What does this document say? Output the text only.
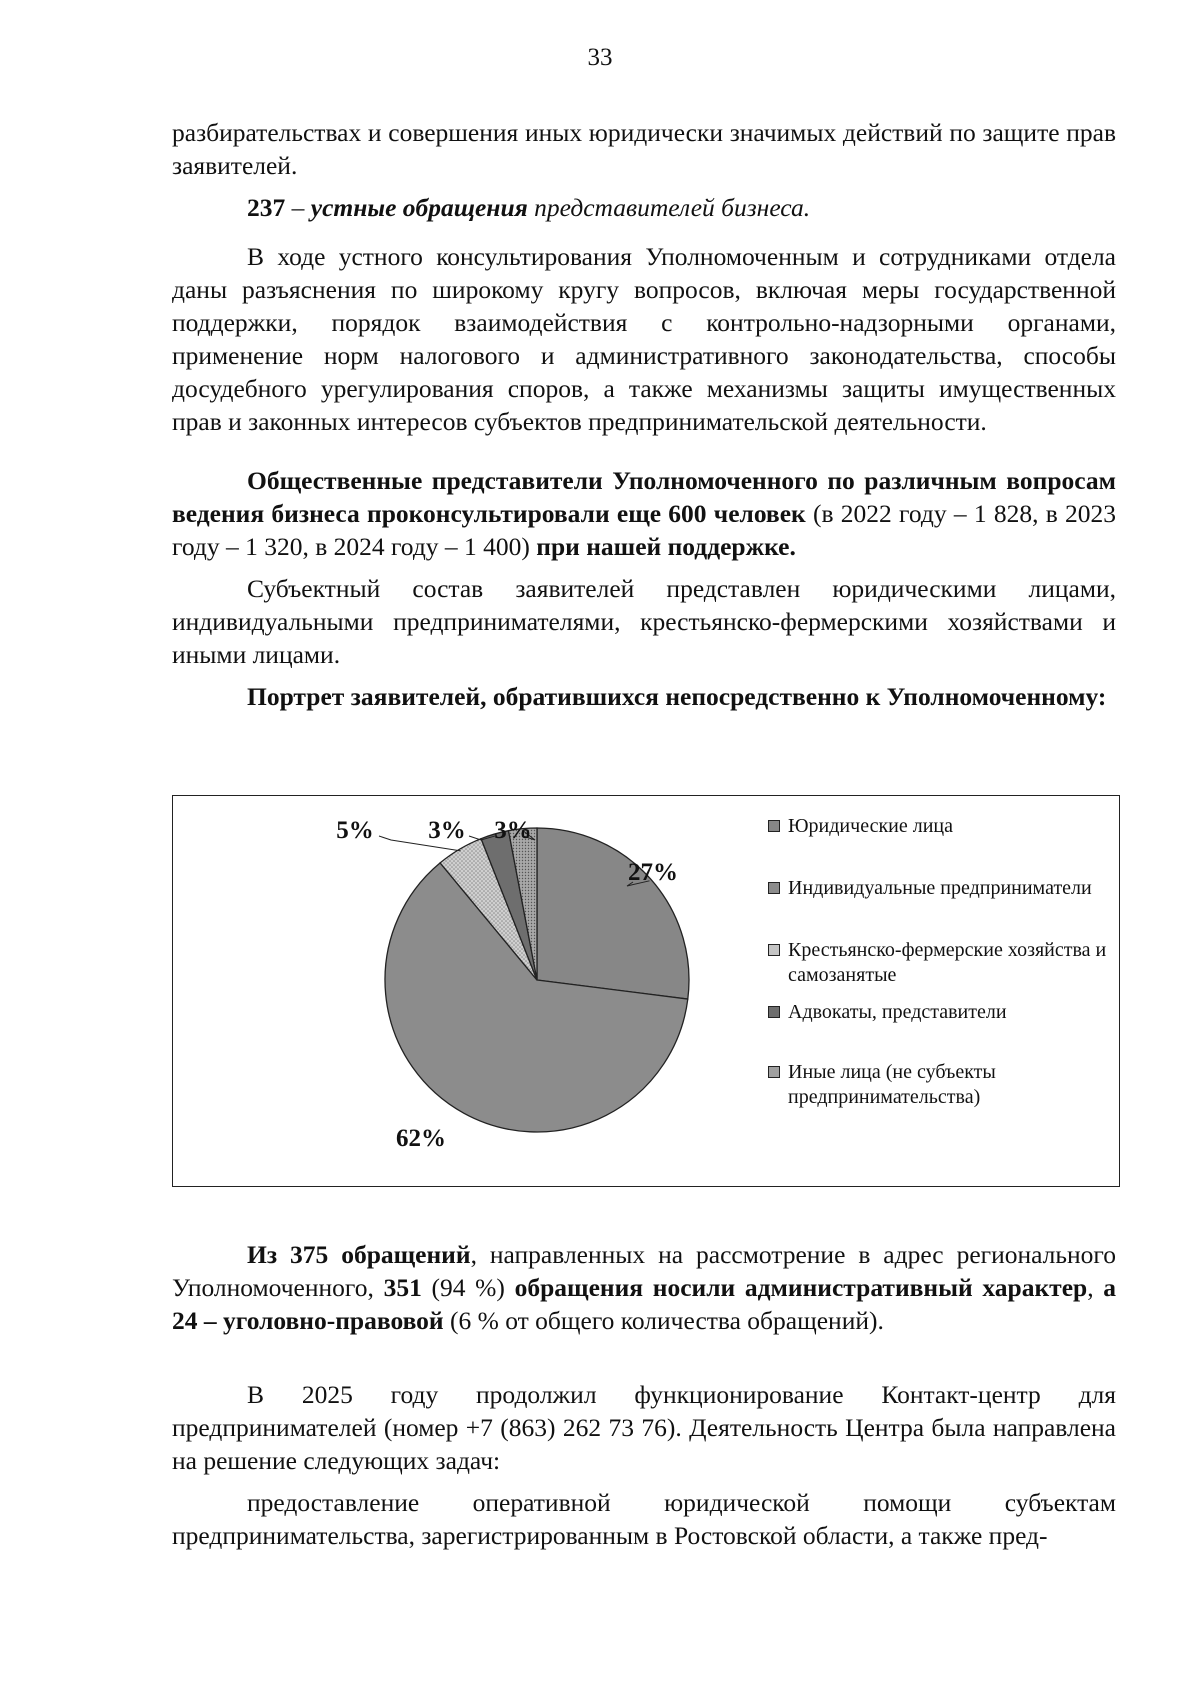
33

разбирательствах и совершения иных юридически значимых действий по защите прав заявителей.

237 – устные обращения представителей бизнеса.

В ходе устного консультирования Уполномоченным и сотрудниками отдела даны разъяснения по широкому кругу вопросов, включая меры государственной поддержки, порядок взаимодействия с контрольно-надзорными органами, применение норм налогового и административного законодательства, способы досудебного урегулирования споров, а также механизмы защиты имущественных прав и законных интересов субъектов предпринимательской деятельности.

Общественные представители Уполномоченного по различным вопросам ведения бизнеса проконсультировали еще 600 человек (в 2022 году – 1 828, в 2023 году – 1 320, в 2024 году – 1 400) при нашей поддержке.

Субъектный состав заявителей представлен юридическими лицами, индивидуальными предпринимателями, крестьянско-фермерскими хозяйствами и иными лицами.

Портрет заявителей, обратившихся непосредственно к Уполномоченному:

27%
62%
5% 3% 3%	Юридические лица
Индивидуальные предприниматели
Крестьянско-фермерские хозяйства и самозанятые
Адвокаты, представители
Иные лица (не субъекты предпринимательства)

Из 375 обращений, направленных на рассмотрение в адрес регионального Уполномоченного, 351 (94 %) обращения носили административный характер, а 24 – уголовно-правовой (6 % от общего количества обращений).

В 2025 году продолжил функционирование Контакт-центр для предпринимателей (номер +7 (863) 262 73 76). Деятельность Центра была направлена на решение следующих задач:

предоставление оперативной юридической помощи субъектам предпринимательства, зарегистрированным в Ростовской области, а также пред-
